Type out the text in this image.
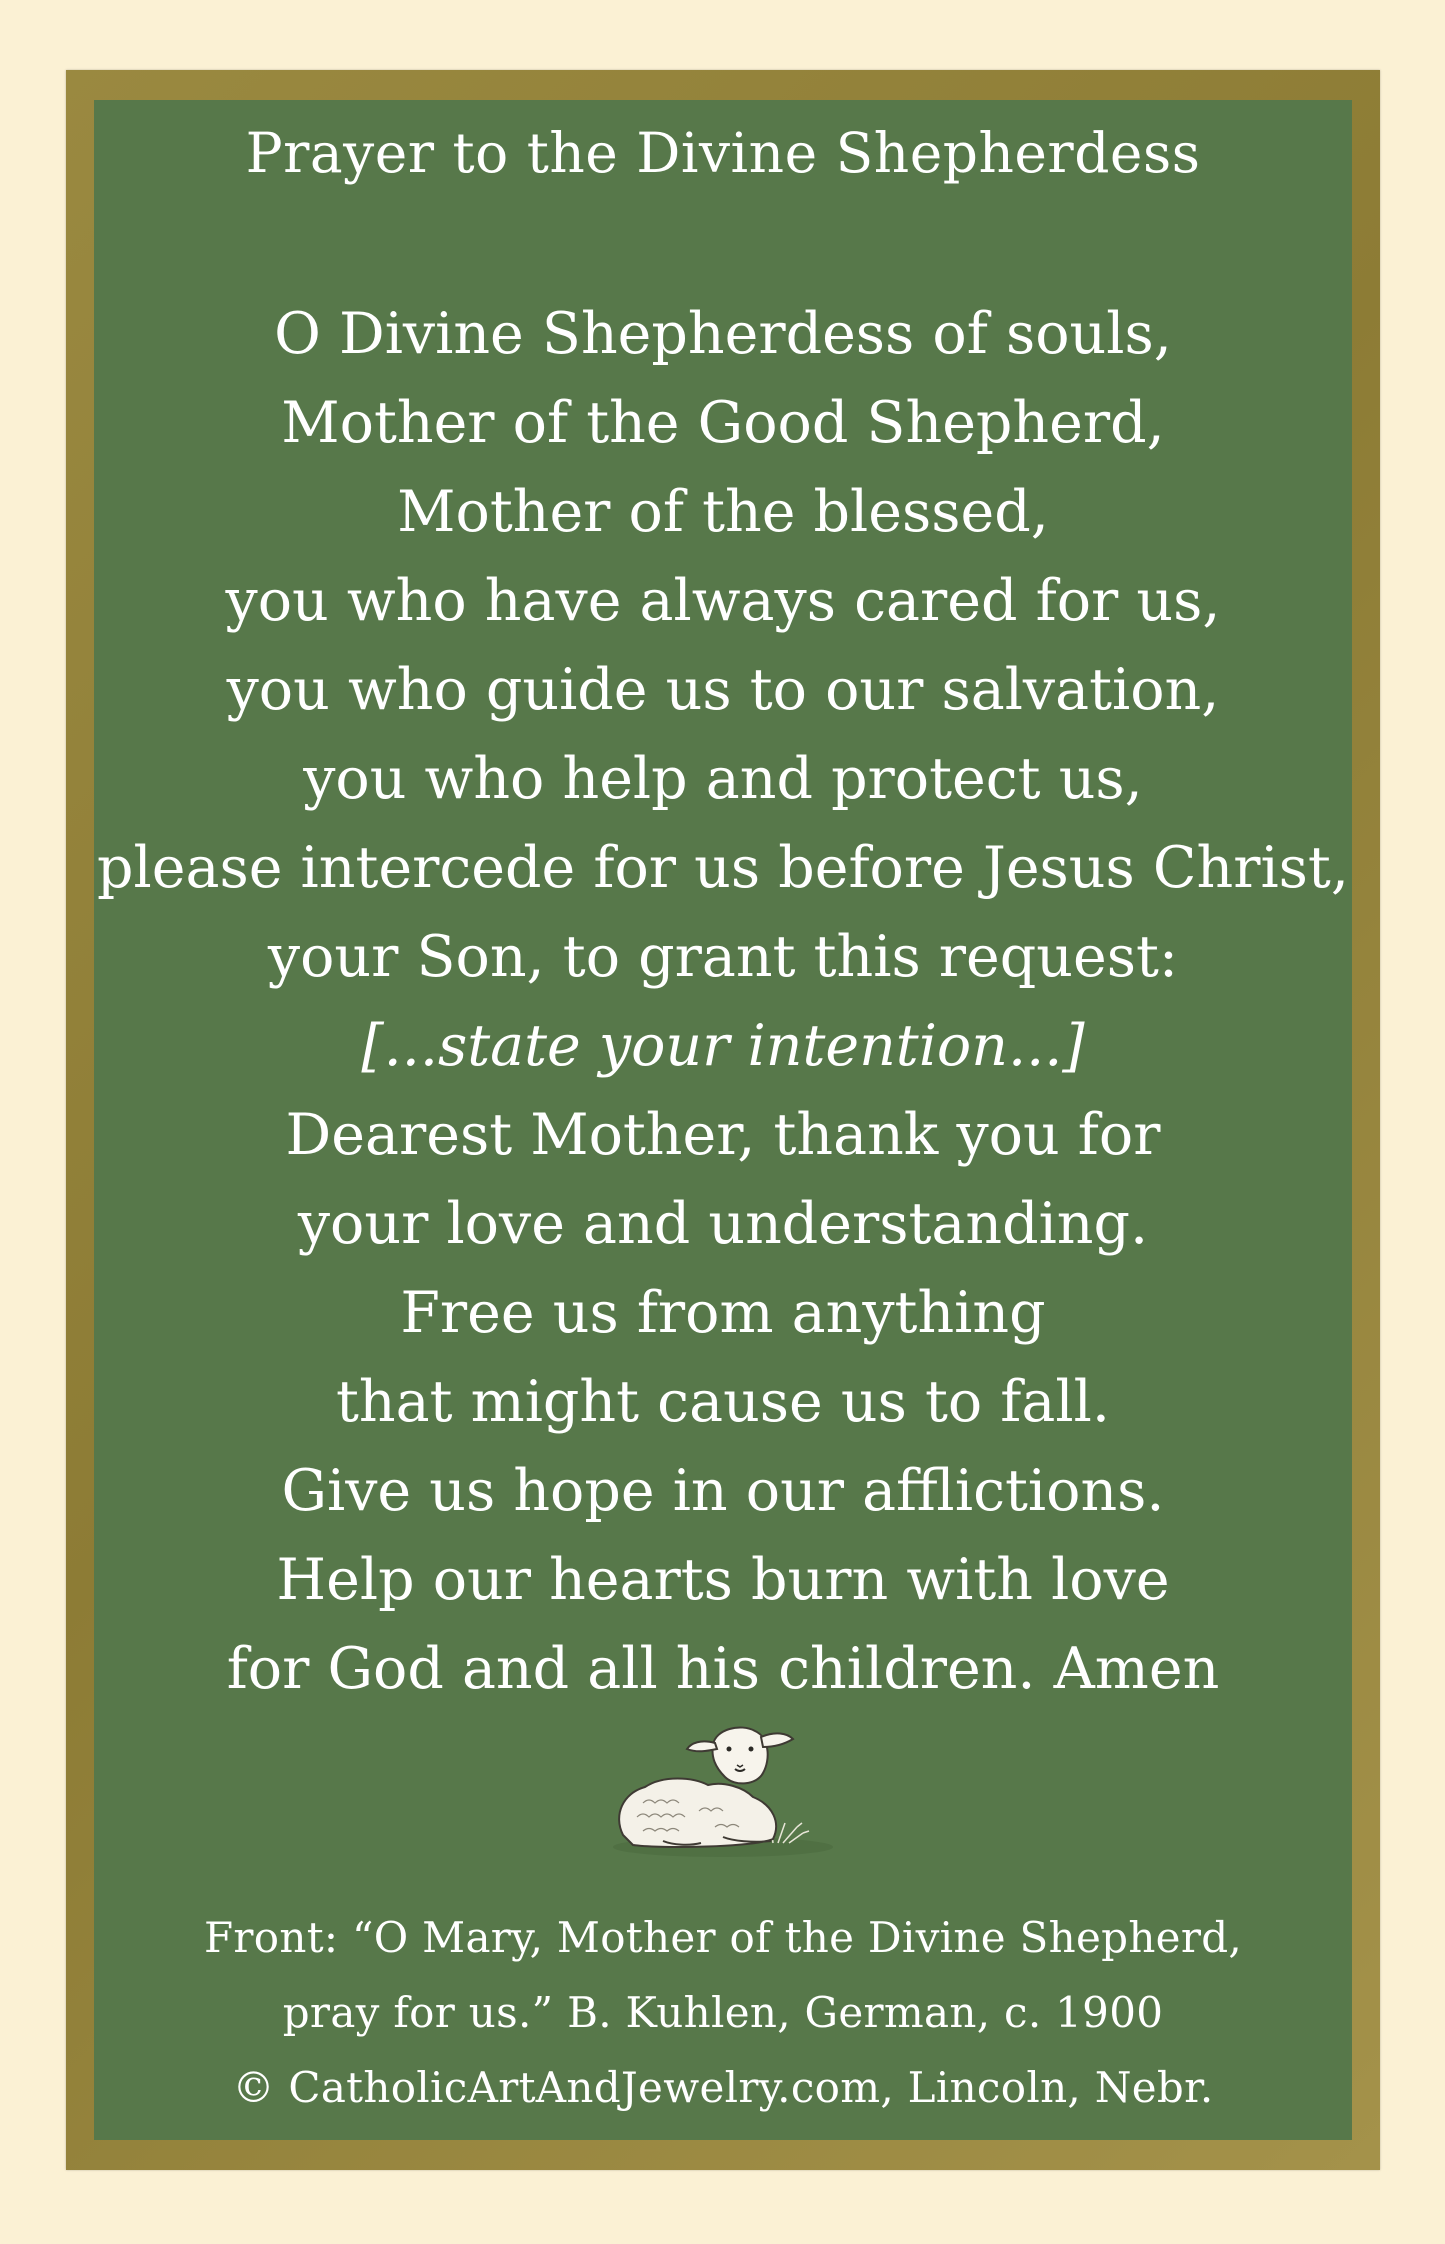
Prayer to the Divine Shepherdess
O Divine Shepherdess of souls,
Mother of the Good Shepherd,
Mother of the blessed,
you who have always cared for us,
you who guide us to our salvation,
you who help and protect us,
please intercede for us before Jesus Christ,
your Son, to grant this request:
[...state your intention...]
Dearest Mother, thank you for
your love and understanding.
Free us from anything
that might cause us to fall.
Give us hope in our afflictions.
Help our hearts burn with love
for God and all his children. Amen
Front: “O Mary, Mother of the Divine Shepherd,
pray for us.” B. Kuhlen, German, c. 1900
© CatholicArtAndJewelry.com, Lincoln, Nebr.
